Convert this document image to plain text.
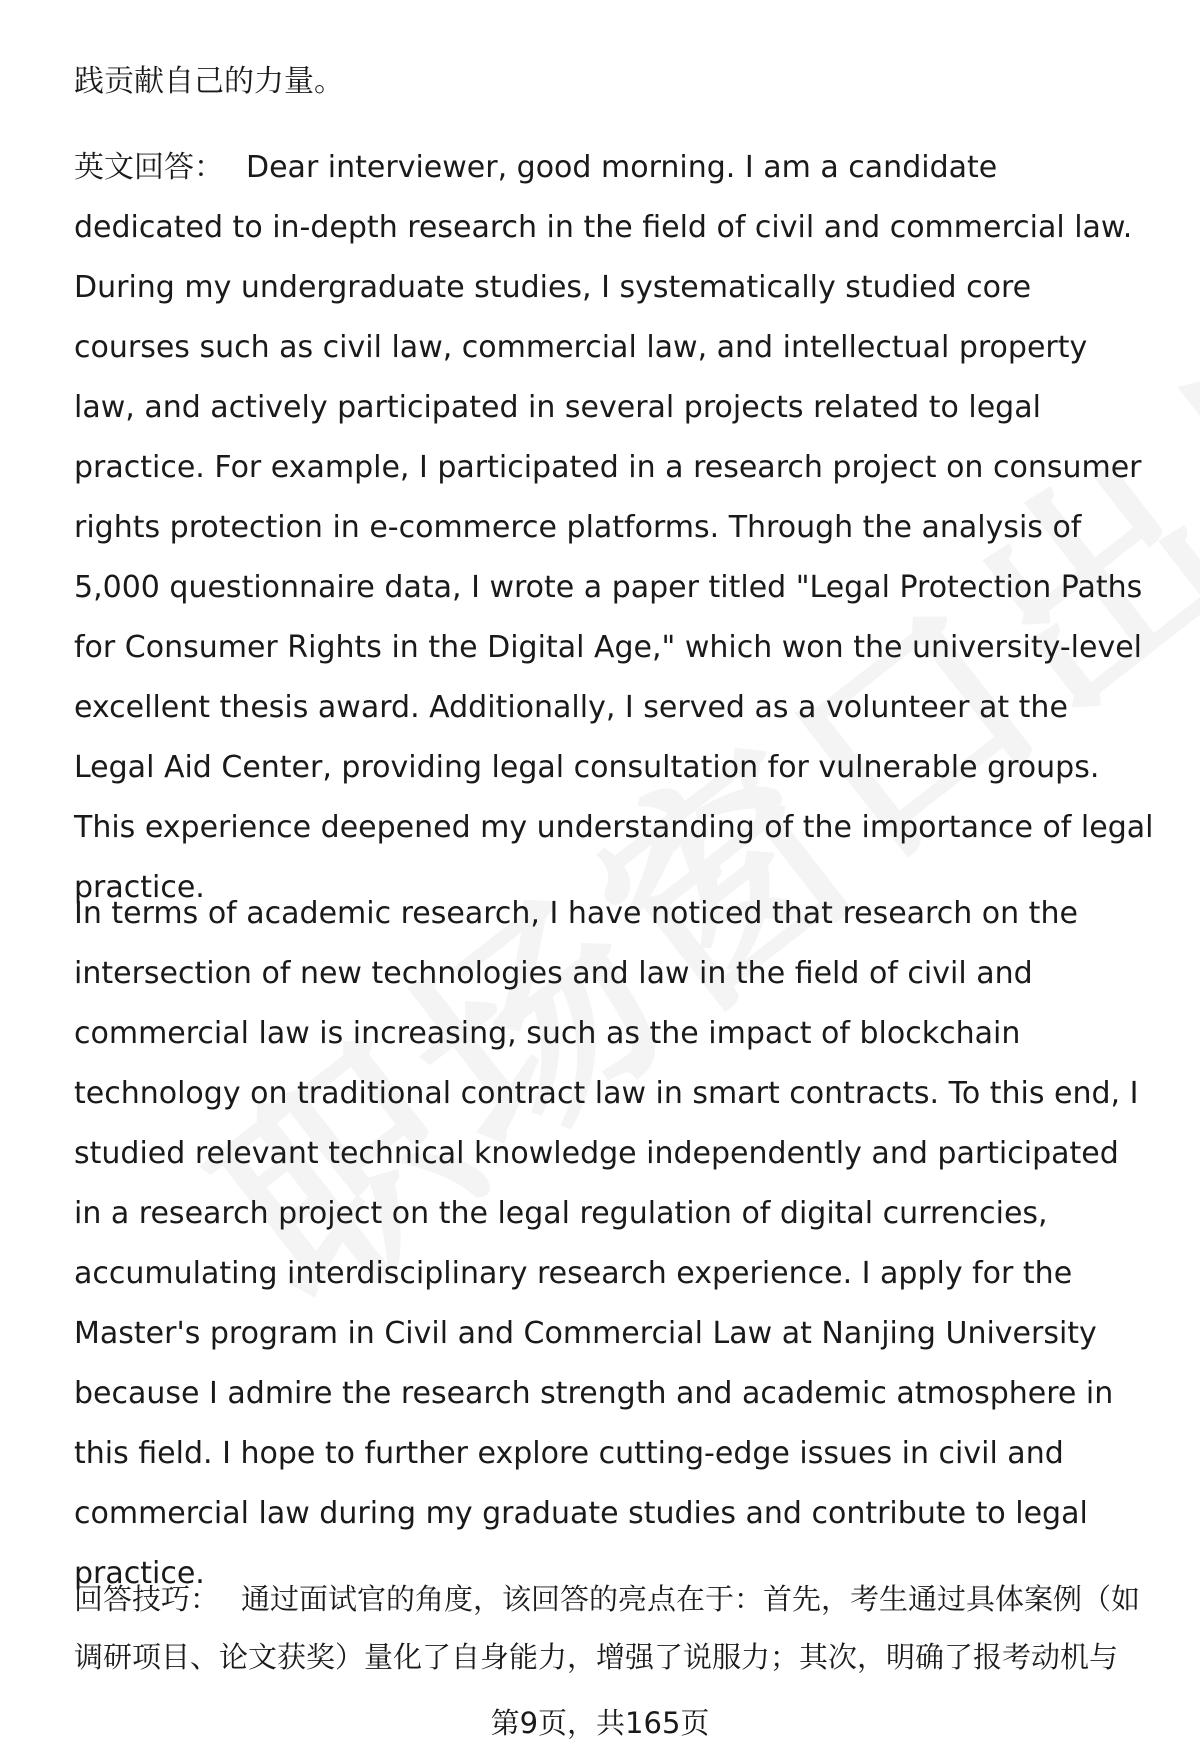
践贡献自己的力量。

英文回答： Dear interviewer, good morning. I am a candidate dedicated to in-depth research in the field of civil and commercial law. During my undergraduate studies, I systematically studied core courses such as civil law, commercial law, and intellectual property law, and actively participated in several projects related to legal practice. For example, I participated in a research project on consumer rights protection in e-commerce platforms. Through the analysis of 5,000 questionnaire data, I wrote a paper titled "Legal Protection Paths for Consumer Rights in the Digital Age," which won the university-level excellent thesis award. Additionally, I served as a volunteer at the Legal Aid Center, providing legal consultation for vulnerable groups. This experience deepened my understanding of the importance of legal practice.

In terms of academic research, I have noticed that research on the intersection of new technologies and law in the field of civil and commercial law is increasing, such as the impact of blockchain technology on traditional contract law in smart contracts. To this end, I studied relevant technical knowledge independently and participated in a research project on the legal regulation of digital currencies, accumulating interdisciplinary research experience. I apply for the Master's program in Civil and Commercial Law at Nanjing University because I admire the research strength and academic atmosphere in this field. I hope to further explore cutting-edge issues in civil and commercial law during my graduate studies and contribute to legal practice.

回答技巧： 通过面试官的角度，该回答的亮点在于：首先，考生通过具体案例（如调研项目、论文获奖）量化了自身能力，增强了说服力；其次，明确了报考动机与

第9页，共165页
